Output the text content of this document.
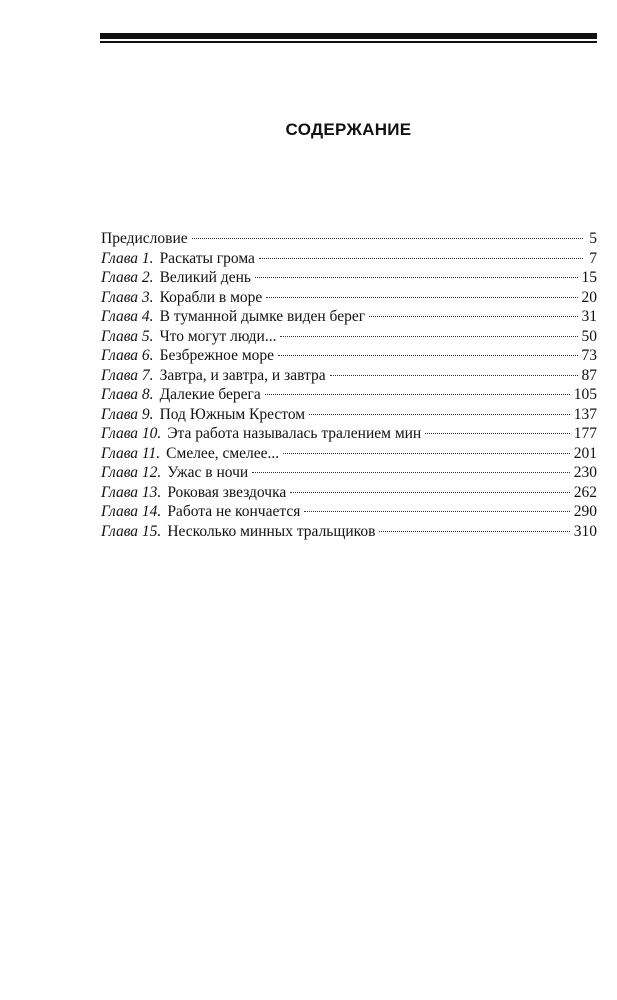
СОДЕРЖАНИЕ
Предисловие	5
Глава 1. Раскаты грома	7
Глава 2. Великий день	15
Глава 3. Корабли в море	20
Глава 4. В туманной дымке виден берег	31
Глава 5. Что могут люди...	50
Глава 6. Безбрежное море	73
Глава 7. Завтра, и завтра, и завтра	87
Глава 8. Далекие берега	105
Глава 9. Под Южным Крестом	137
Глава 10. Эта работа называлась тралением мин	177
Глава 11. Смелее, смелее...	201
Глава 12. Ужас в ночи	230
Глава 13. Роковая звездочка	262
Глава 14. Работа не кончается	290
Глава 15. Несколько минных тральщиков	310
